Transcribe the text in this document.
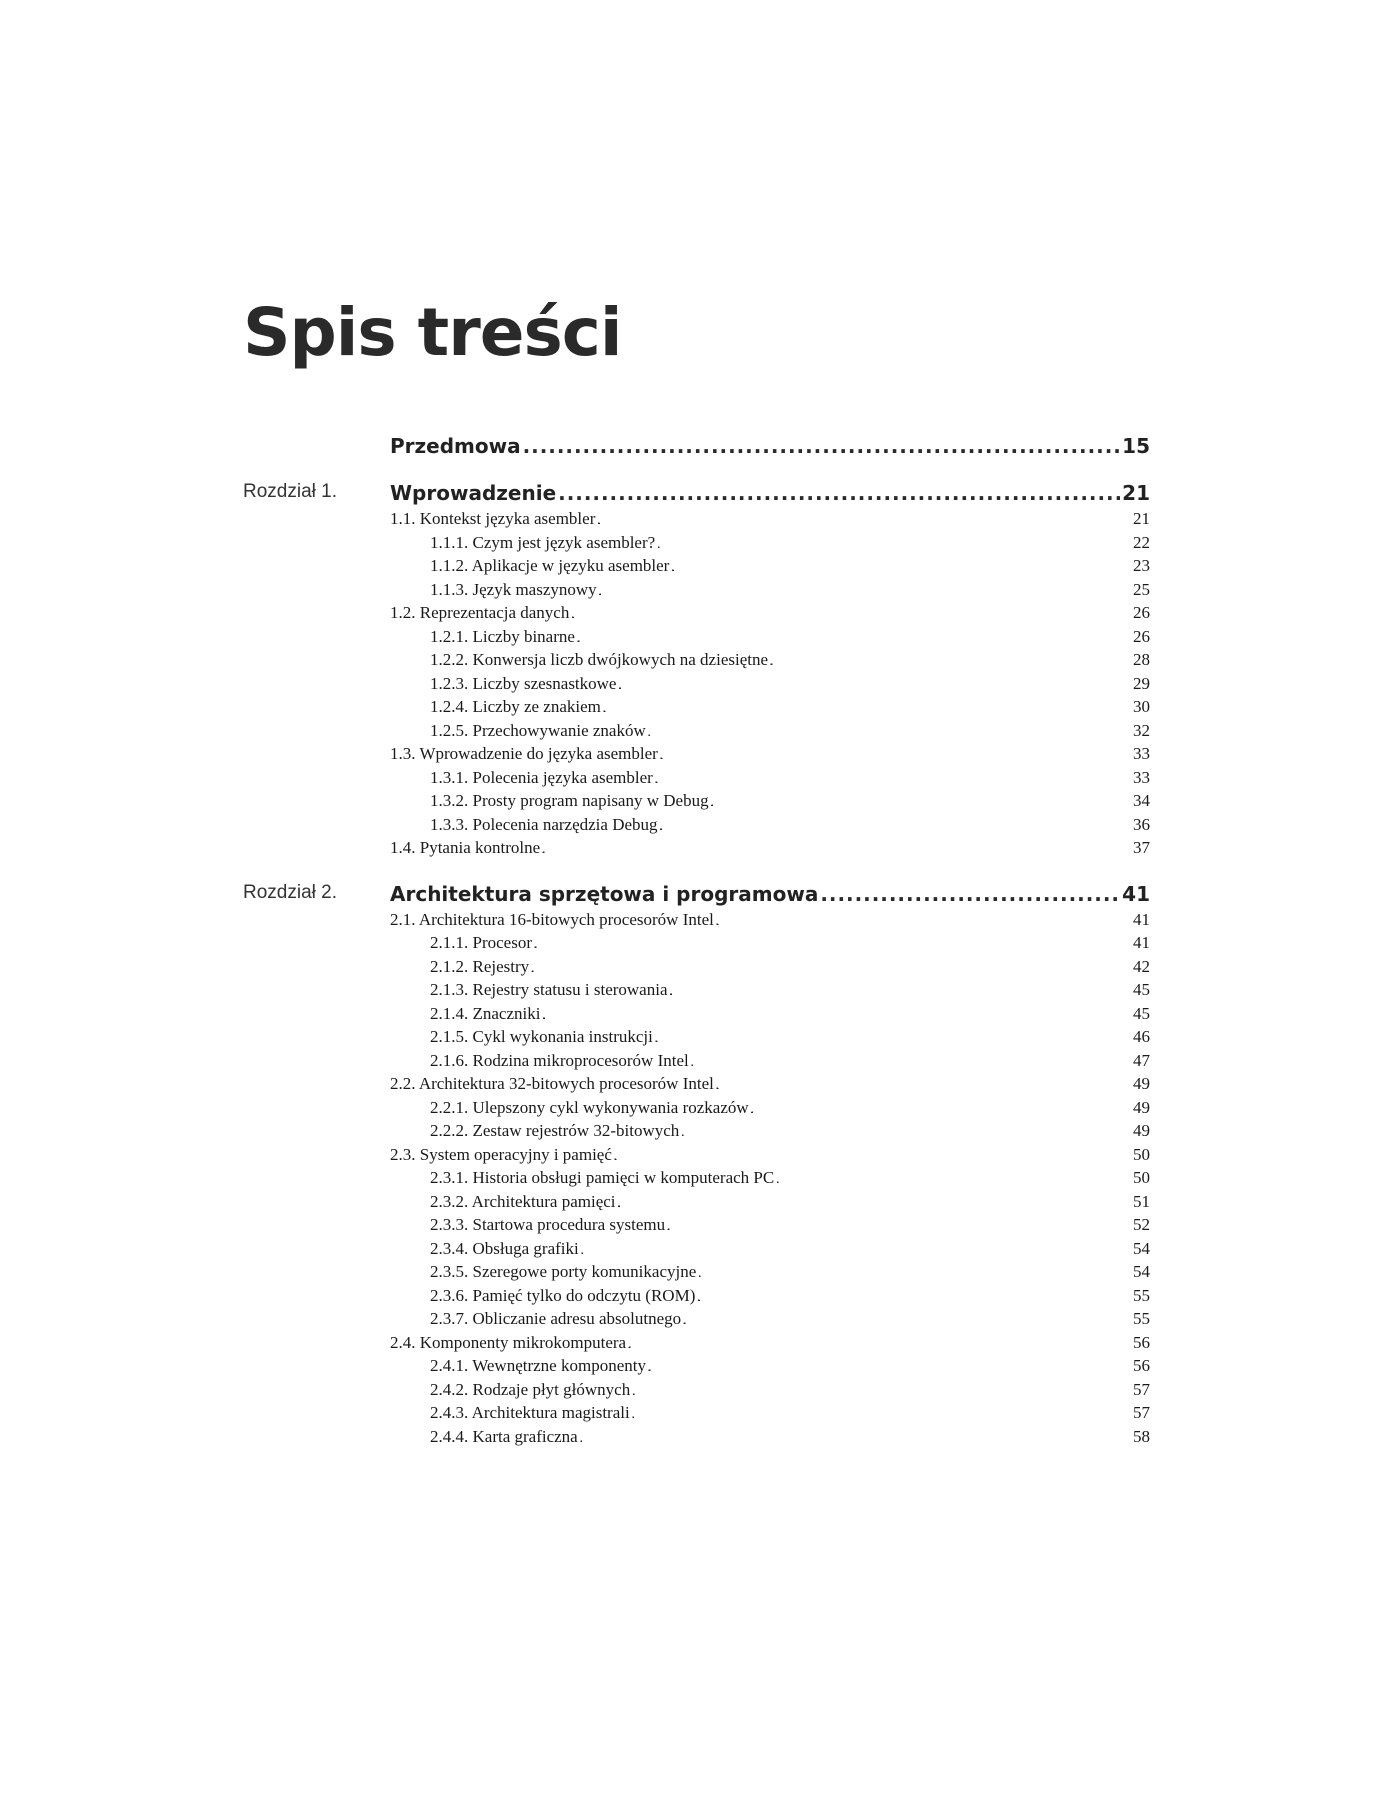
Spis treści
Przedmowa . . .	15
Rozdział 1.	Wprowadzenie . . .	21
1.1. Kontekst języka asembler . . .	21
1.1.1. Czym jest język asembler? . . .	22
1.1.2. Aplikacje w języku asembler . . .	23
1.1.3. Język maszynowy . . .	25
1.2. Reprezentacja danych . . .	26
1.2.1. Liczby binarne . . .	26
1.2.2. Konwersja liczb dwójkowych na dziesiętne . . .	28
1.2.3. Liczby szesnastkowe . . .	29
1.2.4. Liczby ze znakiem . . .	30
1.2.5. Przechowywanie znaków . . .	32
1.3. Wprowadzenie do języka asembler . . .	33
1.3.1. Polecenia języka asembler . . .	33
1.3.2. Prosty program napisany w Debug . . .	34
1.3.3. Polecenia narzędzia Debug . . .	36
1.4. Pytania kontrolne . . .	37
Rozdział 2.	Architektura sprzętowa i programowa . . .	41
2.1. Architektura 16-bitowych procesorów Intel . . .	41
2.1.1. Procesor . . .	41
2.1.2. Rejestry . . .	42
2.1.3. Rejestry statusu i sterowania . . .	45
2.1.4. Znaczniki . . .	45
2.1.5. Cykl wykonania instrukcji . . .	46
2.1.6. Rodzina mikroprocesorów Intel . . .	47
2.2. Architektura 32-bitowych procesorów Intel . . .	49
2.2.1. Ulepszony cykl wykonywania rozkazów . . .	49
2.2.2. Zestaw rejestrów 32-bitowych . . .	49
2.3. System operacyjny i pamięć . . .	50
2.3.1. Historia obsługi pamięci w komputerach PC . . .	50
2.3.2. Architektura pamięci . . .	51
2.3.3. Startowa procedura systemu . . .	52
2.3.4. Obsługa grafiki . . .	54
2.3.5. Szeregowe porty komunikacyjne . . .	54
2.3.6. Pamięć tylko do odczytu (ROM) . . .	55
2.3.7. Obliczanie adresu absolutnego . . .	55
2.4. Komponenty mikrokomputera . . .	56
2.4.1. Wewnętrzne komponenty . . .	56
2.4.2. Rodzaje płyt głównych . . .	57
2.4.3. Architektura magistrali . . .	57
2.4.4. Karta graficzna . . .	58
